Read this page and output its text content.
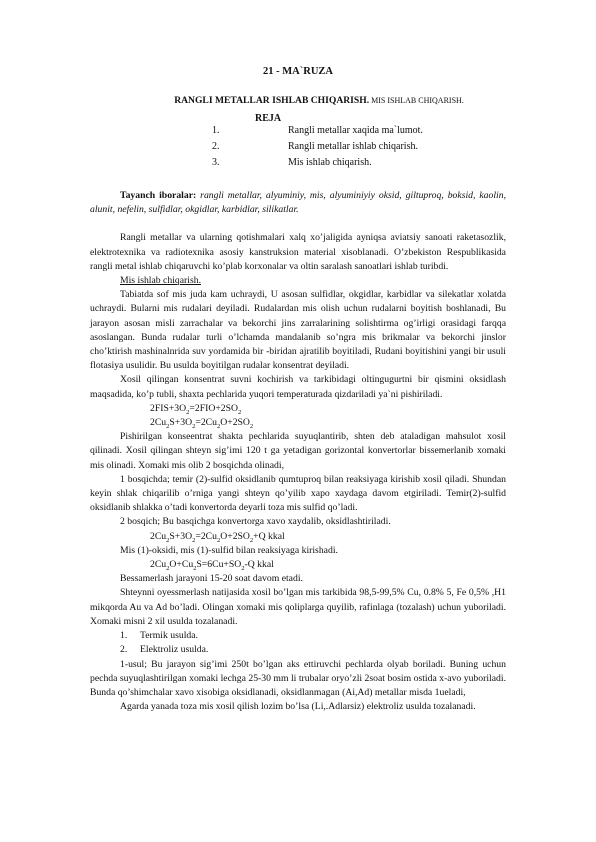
21 - MA`RUZA
RANGLI METALLAR ISHLAB CHIQARISH. MIS ISHLAB CHIQARISH.
REJA
1.	Rangli metallar xaqida ma`lumot.
2.	Rangli metallar ishlab chiqarish.
3.	Mis ishlab chiqarish.

Tayanch iboralar: rangli metallar, alyuminiy, mis, alyuminiyiy oksid, giltuproq, boksid, kaolin, alunit, nefelin, sulfidlar, okgidlar, karbidlar, silikatlar.

Rangli metallar va ularning qotishmalari xalq xo’jaligida ayniqsa aviatsiy sanoati raketasozlik, elektrotexnika va radiotexnika asosiy kanstruksion material xisoblanadi. O’zbekiston Respublikasida rangli metal ishlab chiqaruvchi ko’plab korxonalar va oltin saralash sanoatlari ishlab turibdi.

Mis ishlab chiqarish.

Tabiatda sof mis juda kam uchraydi, U asosan sulfidlar, okgidlar, karbidlar va silekatlar xolatda uchraydi. Bularni mis rudalari deyiladi. Rudalardan mis olish uchun rudalarni boyitish boshlanadi, Bu jarayon asosan misli zarrachalar va bekorchi jins zarralarining solishtirma og’irligi orasidagi farqqa asoslangan. Bunda rudalar turli o’lchamda mandalanib so’ngra mis brikmalar va bekorchi jinslor cho’ktirish mashinalnrida suv yordamida bir -biridan ajratilib boyitiladi, Rudani boyitishini yangi bir usuli flotasiya usulidir. Bu usulda boyitilgan rudalar konsentrat deyiladi.

Xosil qilingan konsentrat suvni kochirish va tarkibidagi oltingugurtni bir qismini oksidlash maqsadida, ko’p tubli, shaxta pechlarida yuqori temperaturada qizdariladi ya`ni pishiriladi.

$2FIS+3O_2=2FIO+2SO_2$

$2Cu_2S+3O_2=2Cu_2O+2SO_2$

Pishirilgan konseentrat shakta pechlarida suyuqlantirib, shten deb ataladigan mahsulot xosil qilinadi. Xosil qilingan shteyn sig’imi 120 t ga yetadigan gorizontal konvertorlar bissemerlanib xomaki mis olinadi. Xomaki mis olib 2 bosqichda olinadi,

1 bosqichda; temir (2)-sulfid oksidlanib qumtuproq bilan reaksiyaga kirishib xosil qiladi. Shundan keyin shlak chiqarilib o’rniga yangi shteyn qo’yilib xapo xaydaga davom etgiriladi. Temir(2)-sulfid oksidlanib shlakka o’tadi konvertorda deyarli toza mis sulfid qo’ladi.

2 bosqich; Bu basqichga konvertorga xavo xaydalib, oksidlashtiriladi.

$2Cu_2S+3O_2=2Cu_2O+2SO_2+Q$ kkal

Mis (1)-oksidi, mis (1)-sulfid bilan reaksiyaga kirishadi.

$2Cu_2O+Cu_2S=6Cu+SO_2-Q$ kkal

Bessamerlash jarayoni 15-20 soat davom etadi.

Shteynni oyessmerlash natijasida xosil bo’lgan mis tarkibida 98,5-99,5% Cu, 0.8% 5, Fe 0,5% ,H1 mikqorda Au va Ad bo’ladi. Olingan xomaki mis qoliplarga quyilib, rafinlaga (tozalash) uchun yuboriladi. Xomaki misni 2 xil usulda tozalanadi.

1. Termik usulda.
2. Elektroliz usulda.

1-usul; Bu jarayon sig’imi 250t bo’lgan aks ettiruvchi pechlarda olyab boriladi. Buning uchun pechda suyuqlashtirilgan xomaki lechga 25-30 mm li trubalar oryo’zli 2soat bosim ostida x-avo yuboriladi. Bunda qo’shimchalar xavo xisobiga oksidlanadi, oksidlanmagan (Ai,Ad) metallar misda 1ueladi,

Agarda yanada toza mis xosil qilish lozim bo’lsa (Li,.Adlarsiz) elektroliz usulda tozalanadi.
